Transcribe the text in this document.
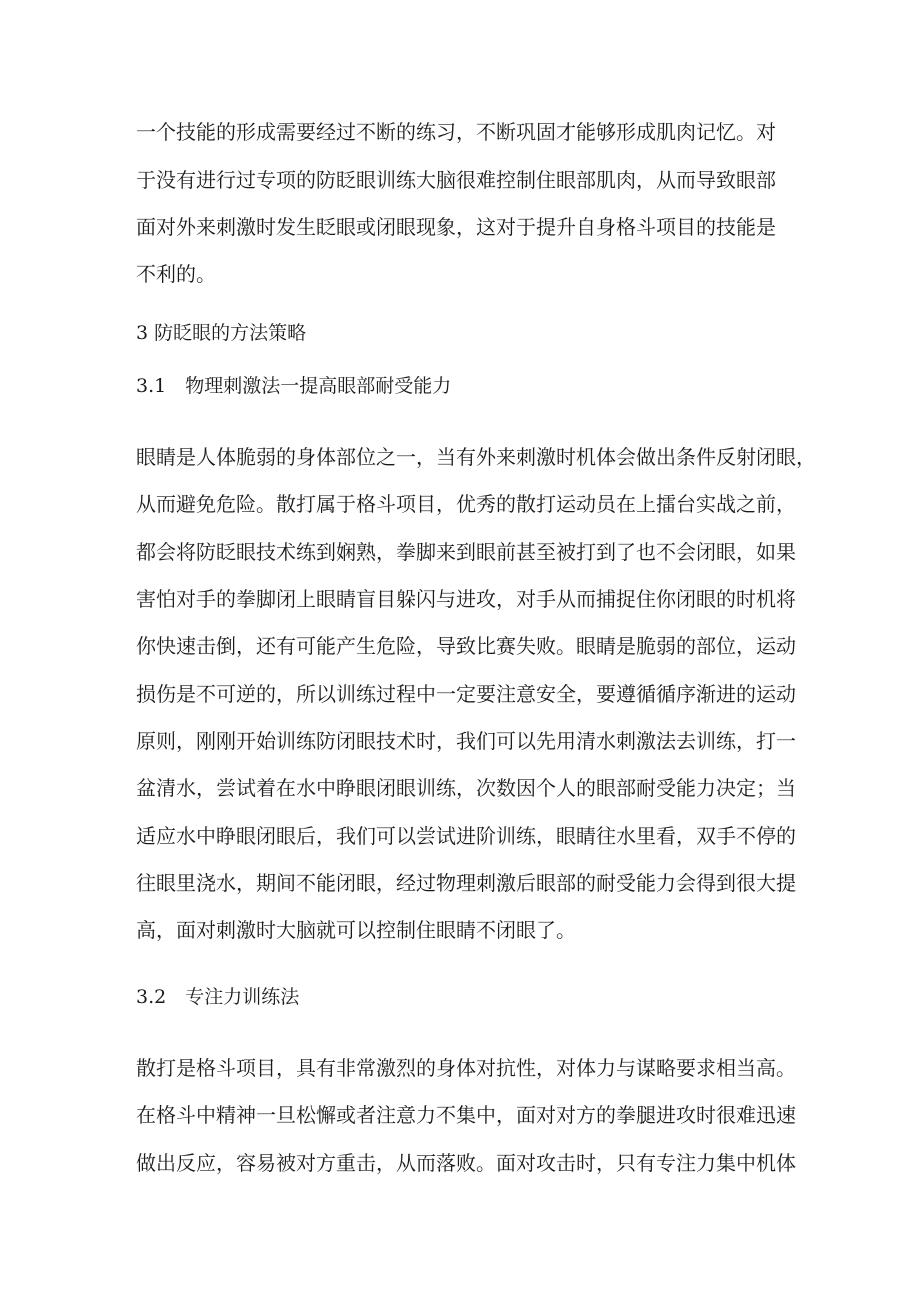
一个技能的形成需要经过不断的练习，不断巩固才能够形成肌肉记忆。对
于没有进行过专项的防眨眼训练大脑很难控制住眼部肌肉，从而导致眼部
面对外来刺激时发生眨眼或闭眼现象，这对于提升自身格斗项目的技能是
不利的。
3 防眨眼的方法策略
3.1　物理刺激法一提高眼部耐受能力
眼睛是人体脆弱的身体部位之一，当有外来刺激时机体会做出条件反射闭眼，
从而避免危险。散打属于格斗项目，优秀的散打运动员在上擂台实战之前，
都会将防眨眼技术练到娴熟，拳脚来到眼前甚至被打到了也不会闭眼，如果
害怕对手的拳脚闭上眼睛盲目躲闪与进攻，对手从而捕捉住你闭眼的时机将
你快速击倒，还有可能产生危险，导致比赛失败。眼睛是脆弱的部位，运动
损伤是不可逆的，所以训练过程中一定要注意安全，要遵循循序渐进的运动
原则，刚刚开始训练防闭眼技术时，我们可以先用清水刺激法去训练，打一
盆清水，尝试着在水中睁眼闭眼训练，次数因个人的眼部耐受能力决定；当
适应水中睁眼闭眼后，我们可以尝试进阶训练，眼睛往水里看，双手不停的
往眼里浇水，期间不能闭眼，经过物理刺激后眼部的耐受能力会得到很大提
高，面对刺激时大脑就可以控制住眼睛不闭眼了。
3.2　专注力训练法
散打是格斗项目，具有非常激烈的身体对抗性，对体力与谋略要求相当高。
在格斗中精神一旦松懈或者注意力不集中，面对对方的拳腿进攻时很难迅速
做出反应，容易被对方重击，从而落败。面对攻击时，只有专注力集中机体
